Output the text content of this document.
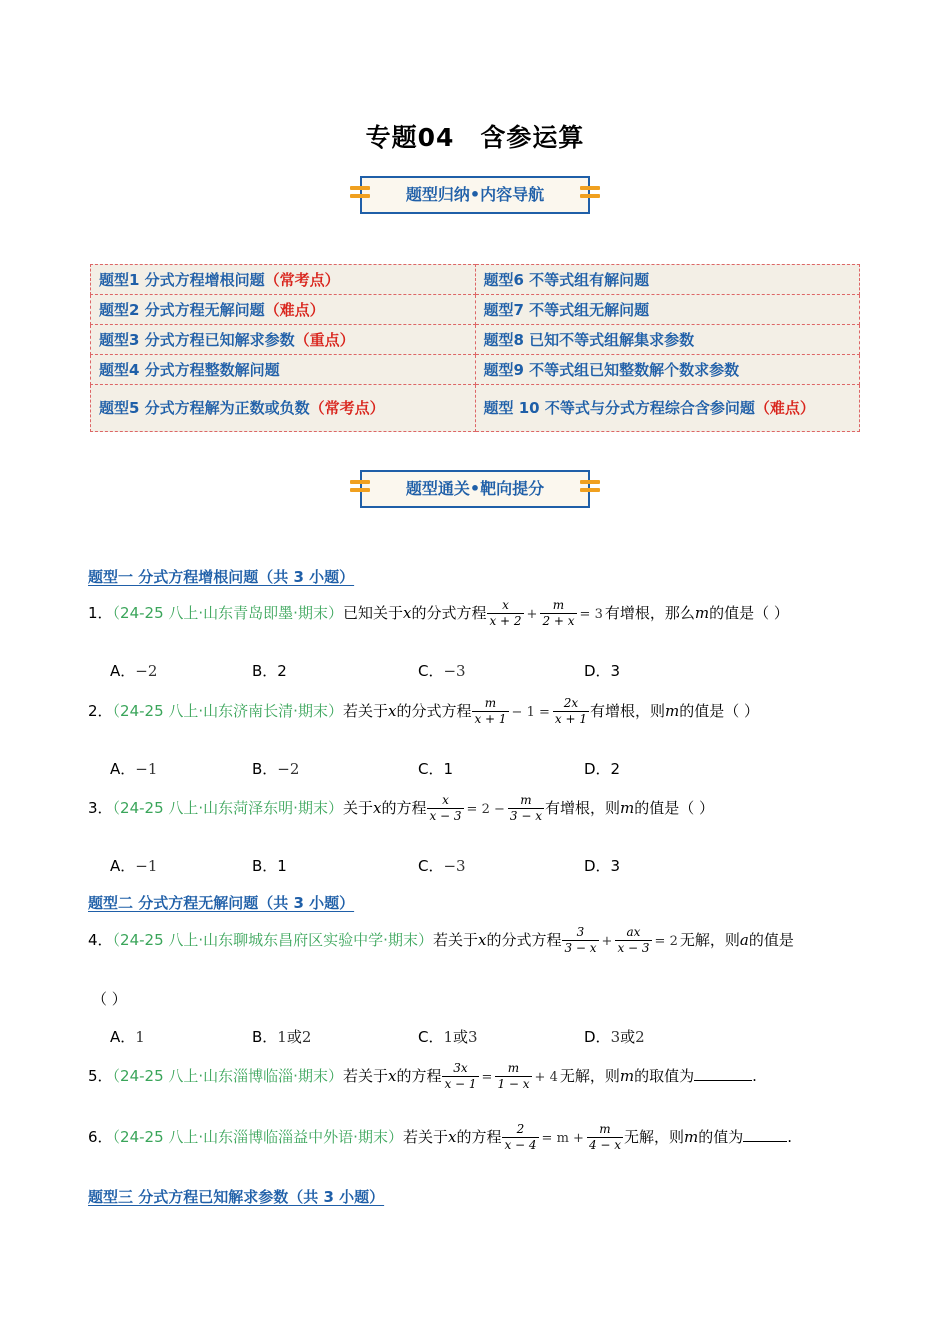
专题04　含参运算
题型归纳•内容导航
题型1 分式方程增根问题（常考点）	题型6 不等式组有解问题
题型2 分式方程无解问题（难点）	题型7 不等式组无解问题
题型3 分式方程已知解求参数（重点）	题型8 已知不等式组解集求参数
题型4 分式方程整数解问题	题型9 不等式组已知整数解个数求参数
题型5 分式方程解为正数或负数（常考点）	题型 10 不等式与分式方程综合含参问题（难点）
题型通关•靶向提分
题型一 分式方程增根问题（共 3 小题）
1．（24-25 八上·山东青岛即墨·期末）已知关于x的分式方程 $\frac{x}{x + 2} + \frac{m}{2 + x} = 3$ 有增根，那么m的值是（ ）
A．−2	B．2	C．−3	D．3
2．（24-25 八上·山东济南长清·期末）若关于x的分式方程 $\frac{m}{x + 1} - 1 = \frac{2x}{x + 1}$ 有增根，则m的值是（ ）
A．−1	B．−2	C．1	D．2
3．（24-25 八上·山东菏泽东明·期末）关于x的方程 $\frac{x}{x - 3} = 2 - \frac{m}{3 - x}$ 有增根，则m的值是（ ）
A．−1	B．1	C．−3	D．3
题型二 分式方程无解问题（共 3 小题）
4．（24-25 八上·山东聊城东昌府区实验中学·期末）若关于x的分式方程 $\frac{3}{3 - x} + \frac{ax}{x - 3} = 2$ 无解，则a的值是
（ ）
A．1	B．1或2	C．1或3	D．3或2
5．（24-25 八上·山东淄博临淄·期末）若关于x的方程 $\frac{3x}{x - 1} = \frac{m}{1 - x} + 4$ 无解，则m的取值为	.
6．（24-25 八上·山东淄博临淄益中外语·期末）若关于x的方程 $\frac{2}{x - 4} = m + \frac{m}{4 - x}$ 无解，则m的值为	.
题型三 分式方程已知解求参数（共 3 小题）
